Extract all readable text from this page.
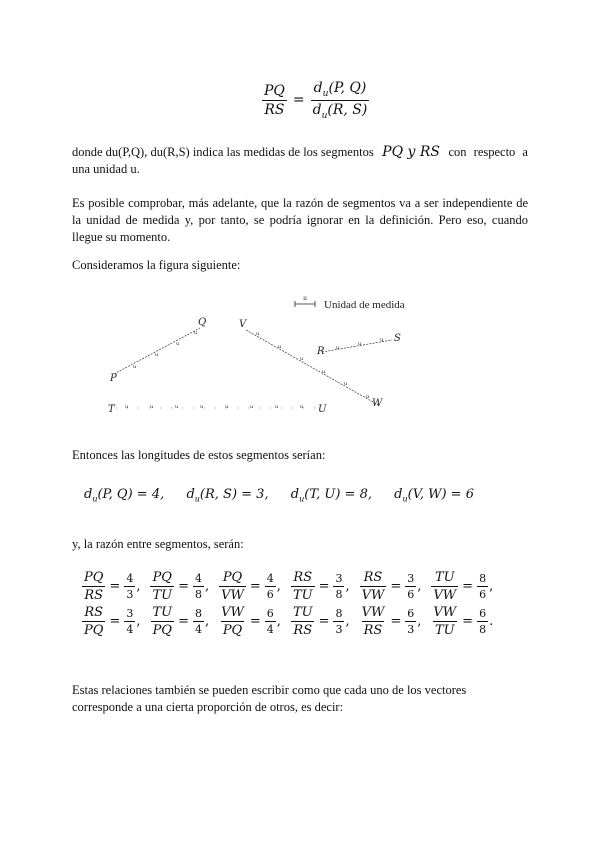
$\frac{PQ}{RS} = \frac{d_u(P, Q)}{d_u(R, S)}$
donde du(P,Q), du(R,S) indica las medidas de los segmentos PQ y RS con respecto a
una unidad u.
Es posible comprobar, más adelante, que la razón de segmentos va a ser independiente de la unidad de medida y, por tanto, se podría ignorar en la definición. Pero eso, cuando llegue su momento.
Consideramos la figura siguiente:
u
Unidad de medida
P
Q
u
u
u
u
V
W
u
u
u
u
u
u
R
S
u
u
u
T	U
u	u	u	u	u	u	u	u
Entonces las longitudes de estos segmentos serían:
$d_u(P$, Q) = 4, $d_u(R$, S) = 3, $d_u(T$, U) = 8, $d_u(V$, W) = 6
y, la razón entre segmentos, serán:
$\frac{PQ}{RS} = \frac{4}{3}$ , $\frac{PQ}{TU} = \frac{4}{8}$ , $\frac{PQ}{VW} = \frac{4}{6}$ , $\frac{RS}{TU} = \frac{3}{8}$ , $\frac{RS}{VW} = \frac{3}{6}$ , $\frac{TU}{VW} = \frac{8}{6}$ ,
$\frac{RS}{PQ} = \frac{3}{4}$ , $\frac{TU}{PQ} = \frac{8}{4}$ , $\frac{VW}{PQ} = \frac{6}{4}$ , $\frac{TU}{RS} = \frac{8}{3}$ , $\frac{VW}{RS} = \frac{6}{3}$ , $\frac{VW}{TU} = \frac{6}{8}$ .
Estas relaciones también se pueden escribir como que cada uno de los vectores corresponde a una cierta proporción de otros, es decir:
